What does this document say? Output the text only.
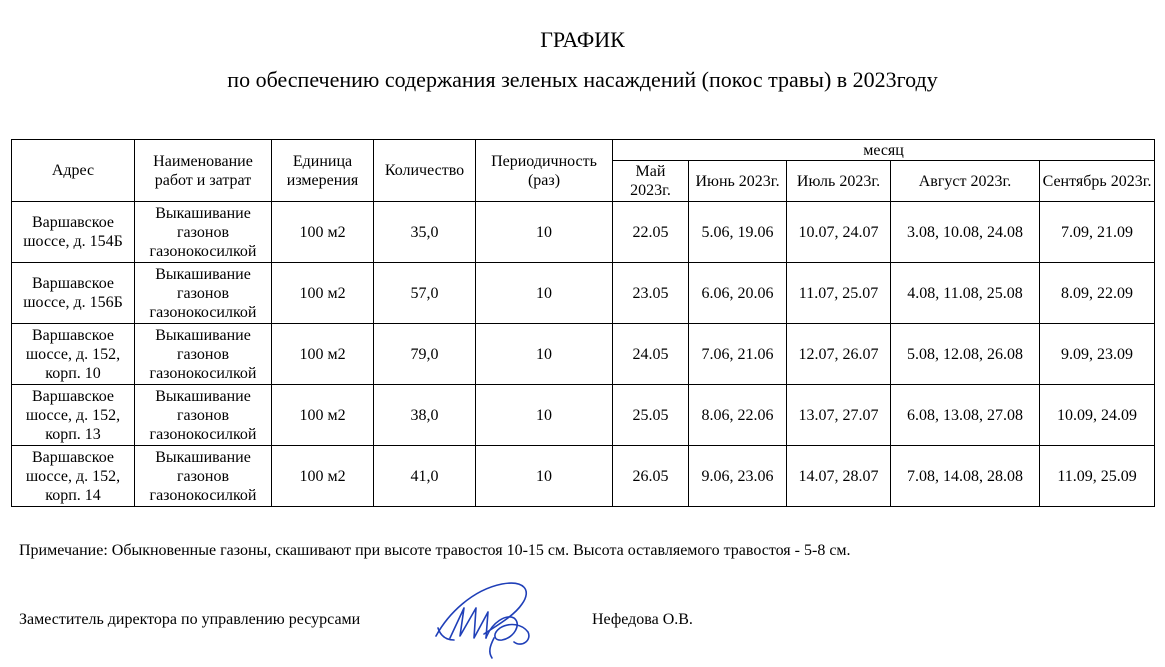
ГРАФИК
по обеспечению содержания зеленых насаждений (покос травы) в 2023году
Адрес	Наименование работ и затрат	Единица измерения	Количество	Периодичность (раз)	месяц				
					Май 2023г.	Июнь 2023г.	Июль 2023г.	Август 2023г.	Сентябрь 2023г.
Варшавское шоссе, д. 154Б	Выкашивание газонов газонокосилкой	100 м2	35,0	10	22.05	5.06, 19.06	10.07, 24.07	3.08, 10.08, 24.08	7.09, 21.09
Варшавское шоссе, д. 156Б	Выкашивание газонов газонокосилкой	100 м2	57,0	10	23.05	6.06, 20.06	11.07, 25.07	4.08, 11.08, 25.08	8.09, 22.09
Варшавское шоссе, д. 152, корп. 10	Выкашивание газонов газонокосилкой	100 м2	79,0	10	24.05	7.06, 21.06	12.07, 26.07	5.08, 12.08, 26.08	9.09, 23.09
Варшавское шоссе, д. 152, корп. 13	Выкашивание газонов газонокосилкой	100 м2	38,0	10	25.05	8.06, 22.06	13.07, 27.07	6.08, 13.08, 27.08	10.09, 24.09
Варшавское шоссе, д. 152, корп. 14	Выкашивание газонов газонокосилкой	100 м2	41,0	10	26.05	9.06, 23.06	14.07, 28.07	7.08, 14.08, 28.08	11.09, 25.09
Примечание: Обыкновенные газоны, скашивают при высоте травостоя 10-15 см. Высота оставляемого травостоя - 5-8 см.
Заместитель директора по управлению ресурсами	Нефедова О.В.
